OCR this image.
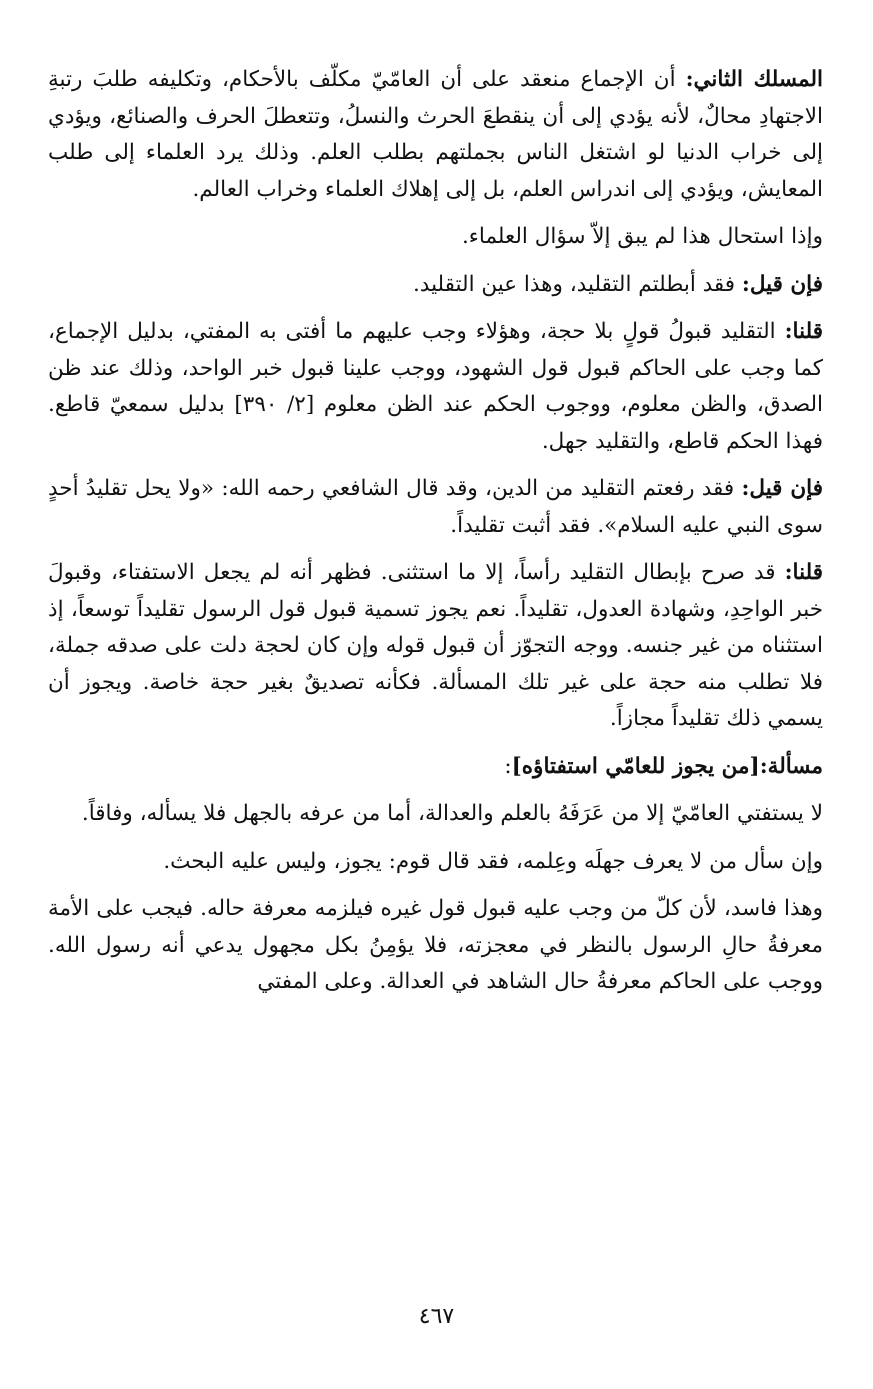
المسلك الثاني: أن الإجماع منعقد على أن العامّيّ مكلّف بالأحكام، وتكليفه طلبَ رتبةِ الاجتهادِ محالٌ، لأنه يؤدي إلى أن ينقطعَ الحرث والنسلُ، وتتعطلَ الحرف والصنائع، ويؤدي إلى خراب الدنيا لو اشتغل الناس بجملتهم بطلب العلم. وذلك يرد العلماء إلى طلب المعايش، ويؤدي إلى اندراس العلم، بل إلى إهلاك العلماء وخراب العالم.

وإذا استحال هذا لم يبق إلاّ سؤال العلماء.

فإن قيل: فقد أبطلتم التقليد، وهذا عين التقليد.

قلنا: التقليد قبولُ قولٍ بلا حجة، وهؤلاء وجب عليهم ما أفتى به المفتي، بدليل الإجماع، كما وجب على الحاكم قبول قول الشهود، ووجب علينا قبول خبر الواحد، وذلك عند ظن الصدق، والظن معلوم، ووجوب الحكم عند الظن معلوم [٢/ ٣٩٠] بدليل سمعيّ قاطع. فهذا الحكم قاطع، والتقليد جهل.

فإن قيل: فقد رفعتم التقليد من الدين، وقد قال الشافعي رحمه الله: «ولا يحل تقليدُ أحدٍ سوى النبي عليه السلام». فقد أثبت تقليداً.

قلنا: قد صرح بإبطال التقليد رأساً، إلا ما استثنى. فظهر أنه لم يجعل الاستفتاء، وقبولَ خبر الواحِدِ، وشهادة العدول، تقليداً. نعم يجوز تسمية قبول قول الرسول تقليداً توسعاً، إذ استثناه من غير جنسه. ووجه التجوّز أن قبول قوله وإن كان لحجة دلت على صدقه جملة، فلا تطلب منه حجة على غير تلك المسألة. فكأنه تصديقٌ بغير حجة خاصة. ويجوز أن يسمي ذلك تقليداً مجازاً.

مسألة:[من يجوز للعامّي استفتاؤه]:

لا يستفتي العامّيّ إلا من عَرَفَهُ بالعلم والعدالة، أما من عرفه بالجهل فلا يسأله، وفاقاً.

وإن سأل من لا يعرف جهلَه وعِلمه، فقد قال قوم: يجوز، وليس عليه البحث.

وهذا فاسد، لأن كلّ من وجب عليه قبول قول غيره فيلزمه معرفة حاله. فيجب على الأمة معرفةُ حالِ الرسول بالنظر في معجزته، فلا يؤمِنُ بكل مجهول يدعي أنه رسول الله. ووجب على الحاكم معرفةُ حال الشاهد في العدالة. وعلى المفتي

٤٦٧
